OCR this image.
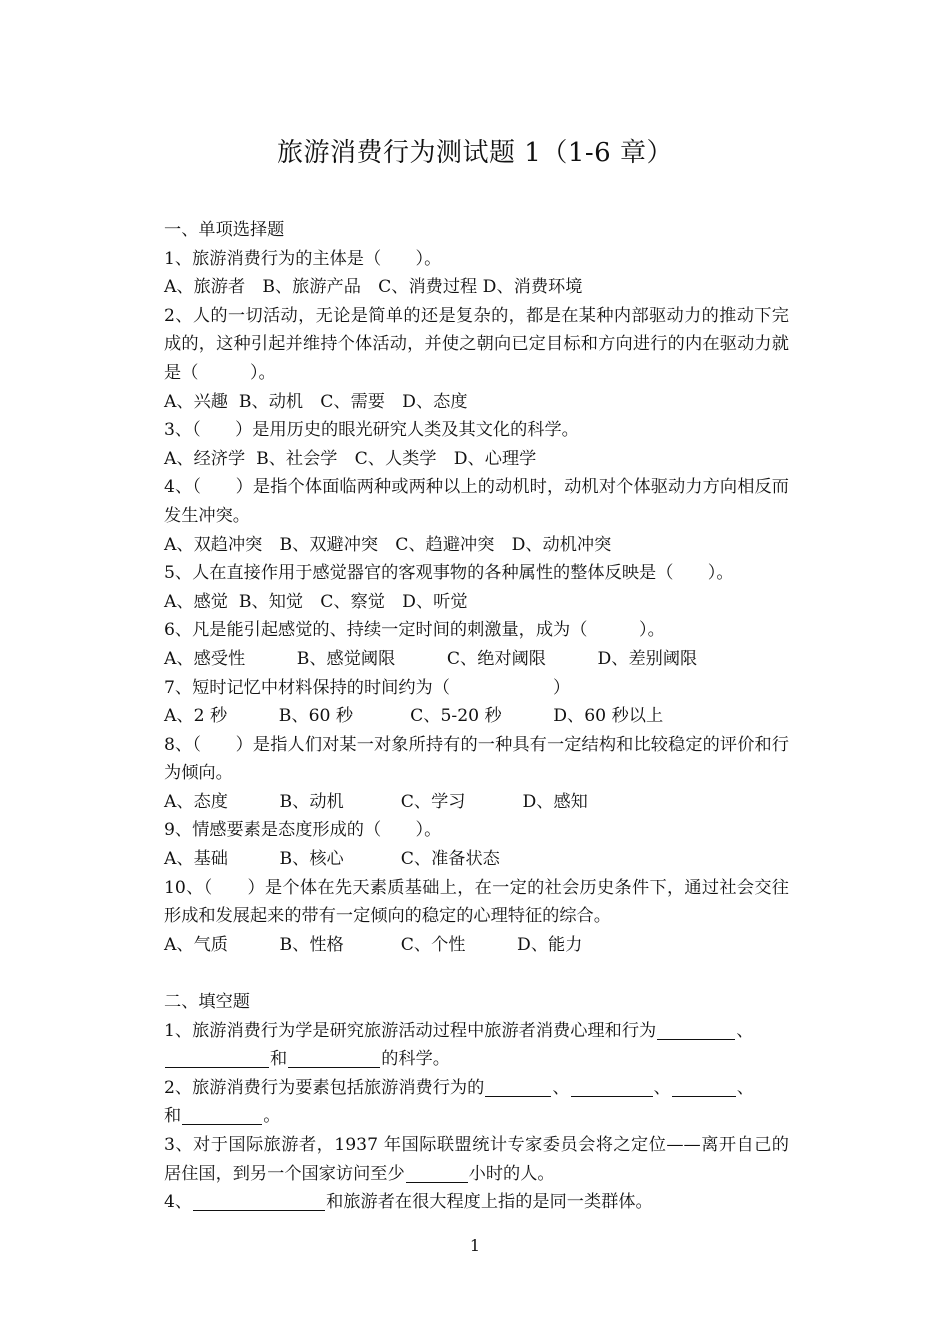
旅游消费行为测试题 1（1-6 章）

一、单项选择题

1、旅游消费行为的主体是（　　）。

A、旅游者　B、旅游产品　C、消费过程 D、消费环境

2、人的一切活动，无论是简单的还是复杂的，都是在某种内部驱动力的推动下完成的，这种引起并维持个体活动，并使之朝向已定目标和方向进行的内在驱动力就是（　　　）。

A、兴趣  B、动机　C、需要　D、态度

3、（　　）是用历史的眼光研究人类及其文化的科学。

A、经济学  B、社会学　C、人类学　D、心理学

4、（　　）是指个体面临两种或两种以上的动机时，动机对个体驱动力方向相反而发生冲突。

A、双趋冲突　B、双避冲突　C、趋避冲突　D、动机冲突

5、人在直接作用于感觉器官的客观事物的各种属性的整体反映是（　　）。

A、感觉  B、知觉　C、察觉　D、听觉

6、凡是能引起感觉的、持续一定时间的刺激量，成为（　　　）。

A、感受性　　　B、感觉阈限　　　C、绝对阈限　　　D、差别阈限

7、短时记忆中材料保持的时间约为（　　　　　　）

A、2 秒　　　B、60 秒　　　 C、5-20 秒　　　D、60 秒以上

8、（　　）是指人们对某一对象所持有的一种具有一定结构和比较稳定的评价和行为倾向。

A、态度　　　B、动机　　　 C、学习　　　 D、感知

9、情感要素是态度形成的（　　）。

A、基础　　　B、核心　　　 C、准备状态

10、（　　）是个体在先天素质基础上，在一定的社会历史条件下，通过社会交往形成和发展起来的带有一定倾向的稳定的心理特征的综合。

A、气质　　　B、性格　　　 C、个性　　　D、能力

二、填空题

1、旅游消费行为学是研究旅游活动过程中旅游者消费心理和行为	、
和	的科学。

2、旅游消费行为要素包括旅游消费行为的	、	、	、
和	。

3、对于国际旅游者，1937 年国际联盟统计专家委员会将之定位——离开自己的居住国，到另一个国家访问至少	小时的人。

4、	和旅游者在很大程度上指的是同一类群体。

1
